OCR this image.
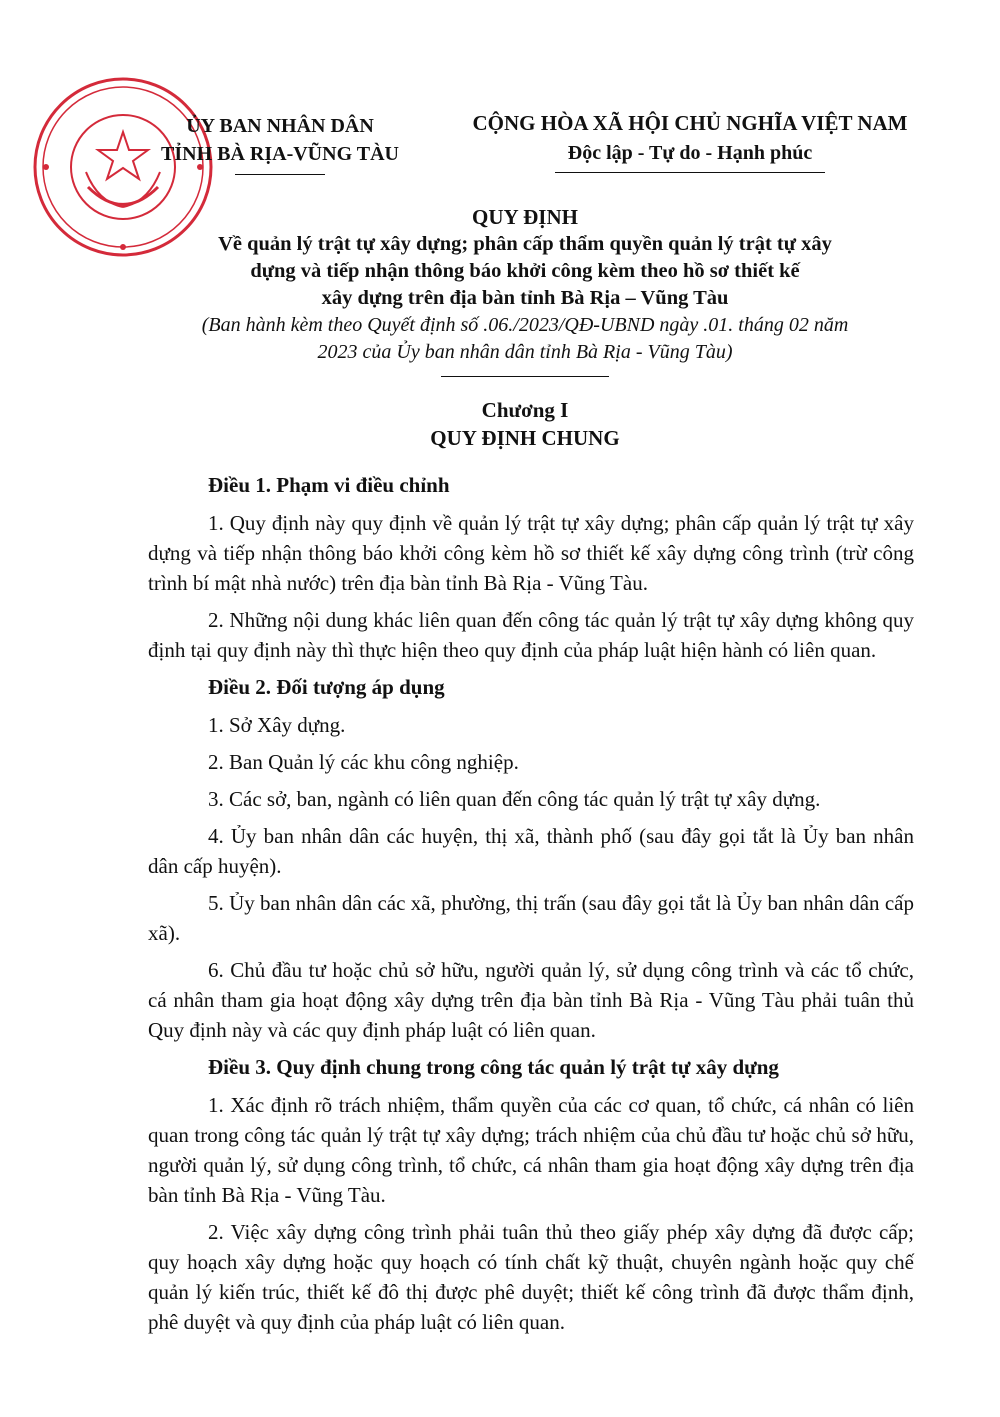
ỦY BAN NHÂN DÂN
TỈNH BÀ RỊA-VŨNG TÀU
CỘNG HÒA XÃ HỘI CHỦ NGHĨA VIỆT NAM
Độc lập - Tự do - Hạnh phúc
QUY ĐỊNH
Về quản lý trật tự xây dựng; phân cấp thẩm quyền quản lý trật tự xây
dựng và tiếp nhận thông báo khởi công kèm theo hồ sơ thiết kế
xây dựng trên địa bàn tỉnh Bà Rịa – Vũng Tàu
(Ban hành kèm theo Quyết định số .06./2023/QĐ-UBND ngày .01. tháng 02 năm
2023 của Ủy ban nhân dân tỉnh Bà Rịa - Vũng Tàu)
Chương I
QUY ĐỊNH CHUNG
Điều 1. Phạm vi điều chỉnh

1. Quy định này quy định về quản lý trật tự xây dựng; phân cấp quản lý trật tự xây dựng và tiếp nhận thông báo khởi công kèm hồ sơ thiết kế xây dựng công trình (trừ công trình bí mật nhà nước) trên địa bàn tỉnh Bà Rịa - Vũng Tàu.

2. Những nội dung khác liên quan đến công tác quản lý trật tự xây dựng không quy định tại quy định này thì thực hiện theo quy định của pháp luật hiện hành có liên quan.

Điều 2. Đối tượng áp dụng

1. Sở Xây dựng.

2. Ban Quản lý các khu công nghiệp.

3. Các sở, ban, ngành có liên quan đến công tác quản lý trật tự xây dựng.

4. Ủy ban nhân dân các huyện, thị xã, thành phố (sau đây gọi tắt là Ủy ban nhân dân cấp huyện).

5. Ủy ban nhân dân các xã, phường, thị trấn (sau đây gọi tắt là Ủy ban nhân dân cấp xã).

6. Chủ đầu tư hoặc chủ sở hữu, người quản lý, sử dụng công trình và các tổ chức, cá nhân tham gia hoạt động xây dựng trên địa bàn tỉnh Bà Rịa - Vũng Tàu phải tuân thủ Quy định này và các quy định pháp luật có liên quan.

Điều 3. Quy định chung trong công tác quản lý trật tự xây dựng

1. Xác định rõ trách nhiệm, thẩm quyền của các cơ quan, tổ chức, cá nhân có liên quan trong công tác quản lý trật tự xây dựng; trách nhiệm của chủ đầu tư hoặc chủ sở hữu, người quản lý, sử dụng công trình, tổ chức, cá nhân tham gia hoạt động xây dựng trên địa bàn tỉnh Bà Rịa - Vũng Tàu.

2. Việc xây dựng công trình phải tuân thủ theo giấy phép xây dựng đã được cấp; quy hoạch xây dựng hoặc quy hoạch có tính chất kỹ thuật, chuyên ngành hoặc quy chế quản lý kiến trúc, thiết kế đô thị được phê duyệt; thiết kế công trình đã được thẩm định, phê duyệt và quy định của pháp luật có liên quan.
